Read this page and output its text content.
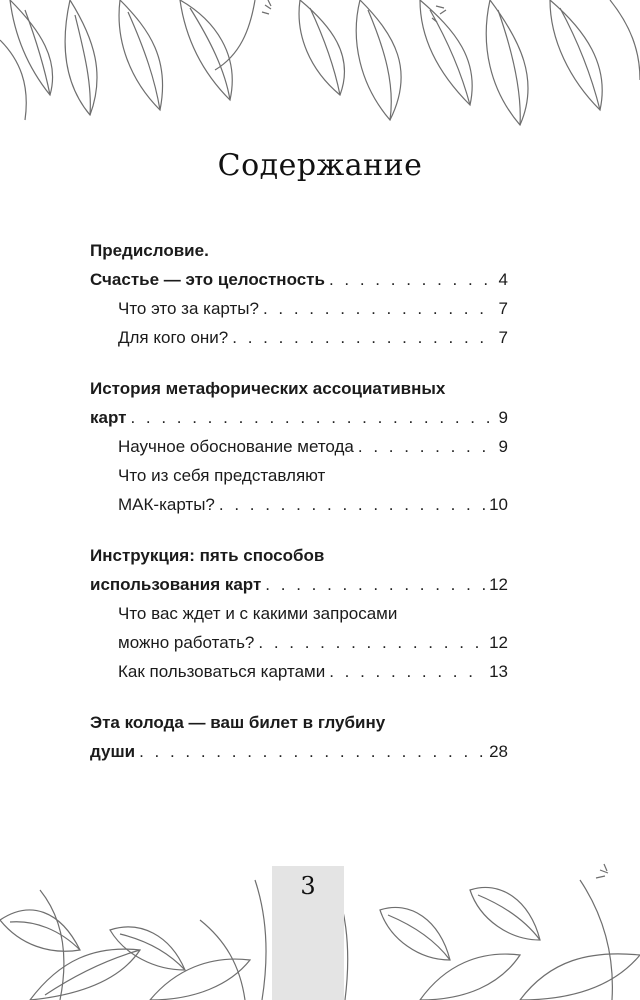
Содержание
Предисловие.
Счастье — это целостность . . .	4
Что это за карты? . . .	7
Для кого они? . . .	7
История метафорических ассоциативных
карт . . .	9
Научное обоснование метода . . .	9
Что из себя представляют
МАК-карты? . . .	10
Инструкция: пять способов
использования карт . . .	12
Что вас ждет и с какими запросами
можно работать? . . .	12
Как пользоваться картами . . .	13
Эта колода — ваш билет в глубину
души . . .	28
3
